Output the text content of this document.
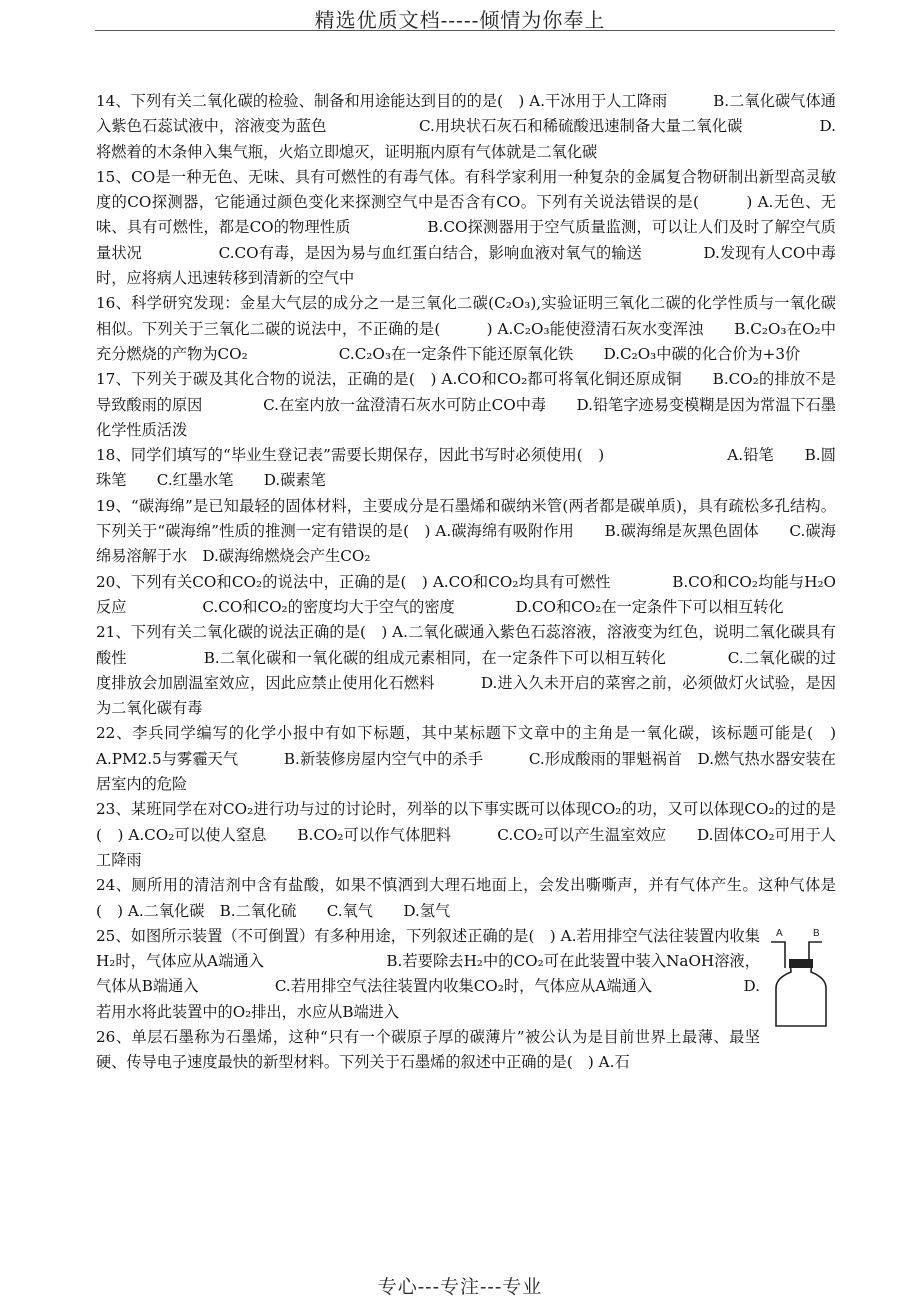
精选优质文档-----倾情为你奉上

14、下列有关二氧化碳的检验、制备和用途能达到目的的是(　) A.干冰用于人工降雨　　　B.二氧化碳气体通入紫色石蕊试液中，溶液变为蓝色　　　　　　C.用块状石灰石和稀硫酸迅速制备大量二氧化碳　　　　　D.将燃着的木条伸入集气瓶，火焰立即熄灭，证明瓶内原有气体就是二氧化碳

15、CO是一种无色、无味、具有可燃性的有毒气体。有科学家利用一种复杂的金属复合物研制出新型高灵敏度的CO探测器，它能通过颜色变化来探测空气中是否含有CO。下列有关说法错误的是(　　　) A.无色、无味、具有可燃性，都是CO的物理性质　　　　　B.CO探测器用于空气质量监测，可以让人们及时了解空气质量状况　　　　　C.CO有毒，是因为易与血红蛋白结合，影响血液对氧气的输送　　　　D.发现有人CO中毒时，应将病人迅速转移到清新的空气中

16、科学研究发现：金星大气层的成分之一是三氧化二碳(C₂O₃),实验证明三氧化二碳的化学性质与一氧化碳相似。下列关于三氧化二碳的说法中，不正确的是(　　　) A.C₂O₃能使澄清石灰水变浑浊　　B.C₂O₃在O₂中充分燃烧的产物为CO₂　　　　　　C.C₂O₃在一定条件下能还原氧化铁　　D.C₂O₃中碳的化合价为+3价

17、下列关于碳及其化合物的说法，正确的是(　) A.CO和CO₂都可将氧化铜还原成铜　　B.CO₂的排放不是导致酸雨的原因　　　　C.在室内放一盆澄清石灰水可防止CO中毒　　D.铅笔字迹易变模糊是因为常温下石墨化学性质活泼

18、同学们填写的“毕业生登记表”需要长期保存，因此书写时必须使用(　)　　　　　　　　A.铅笔　　B.圆珠笔　　C.红墨水笔　　D.碳素笔

19、“碳海绵”是已知最轻的固体材料，主要成分是石墨烯和碳纳米管(两者都是碳单质)，具有疏松多孔结构。下列关于“碳海绵”性质的推测一定有错误的是(　) A.碳海绵有吸附作用　　B.碳海绵是灰黑色固体　　C.碳海绵易溶解于水　D.碳海绵燃烧会产生CO₂

20、下列有关CO和CO₂的说法中，正确的是(　) A.CO和CO₂均具有可燃性　　　　B.CO和CO₂均能与H₂O反应　　　　　C.CO和CO₂的密度均大于空气的密度　　　　D.CO和CO₂在一定条件下可以相互转化

21、下列有关二氧化碳的说法正确的是(　) A.二氧化碳通入紫色石蕊溶液，溶液变为红色，说明二氧化碳具有酸性　　　　　B.二氧化碳和一氧化碳的组成元素相同，在一定条件下可以相互转化　　　　C.二氧化碳的过度排放会加剧温室效应，因此应禁止使用化石燃料　　　D.进入久未开启的菜窖之前，必须做灯火试验，是因为二氧化碳有毒

22、李兵同学编写的化学小报中有如下标题，其中某标题下文章中的主角是一氧化碳，该标题可能是(　) A.PM2.5与雾霾天气　　　B.新装修房屋内空气中的杀手　　　C.形成酸雨的罪魁祸首　D.燃气热水器安装在居室内的危险

23、某班同学在对CO₂进行功与过的讨论时，列举的以下事实既可以体现CO₂的功，又可以体现CO₂的过的是(　) A.CO₂可以使人窒息　　B.CO₂可以作气体肥料　　　C.CO₂可以产生温室效应　　D.固体CO₂可用于人工降雨

24、厕所用的清洁剂中含有盐酸，如果不慎洒到大理石地面上，会发出嘶嘶声，并有气体产生。这种气体是(　) A.二氧化碳　B.二氧化硫　　C.氧气　　D.氢气

A	B

25、如图所示装置（不可倒置）有多种用途，下列叙述正确的是(　) A.若用排空气法往装置内收集H₂时，气体应从A端通入　　　　　　　　B.若要除去H₂中的CO₂可在此装置中装入NaOH溶液，气体从B端通入　　　　　C.若用排空气法往装置内收集CO₂时，气体应从A端通入　　　　　　D.若用水将此装置中的O₂排出，水应从B端进入

26、单层石墨称为石墨烯，这种“只有一个碳原子厚的碳薄片”被公认为是目前世界上最薄、最坚硬、传导电子速度最快的新型材料。下列关于石墨烯的叙述中正确的是(　) A.石

专心---专注---专业
